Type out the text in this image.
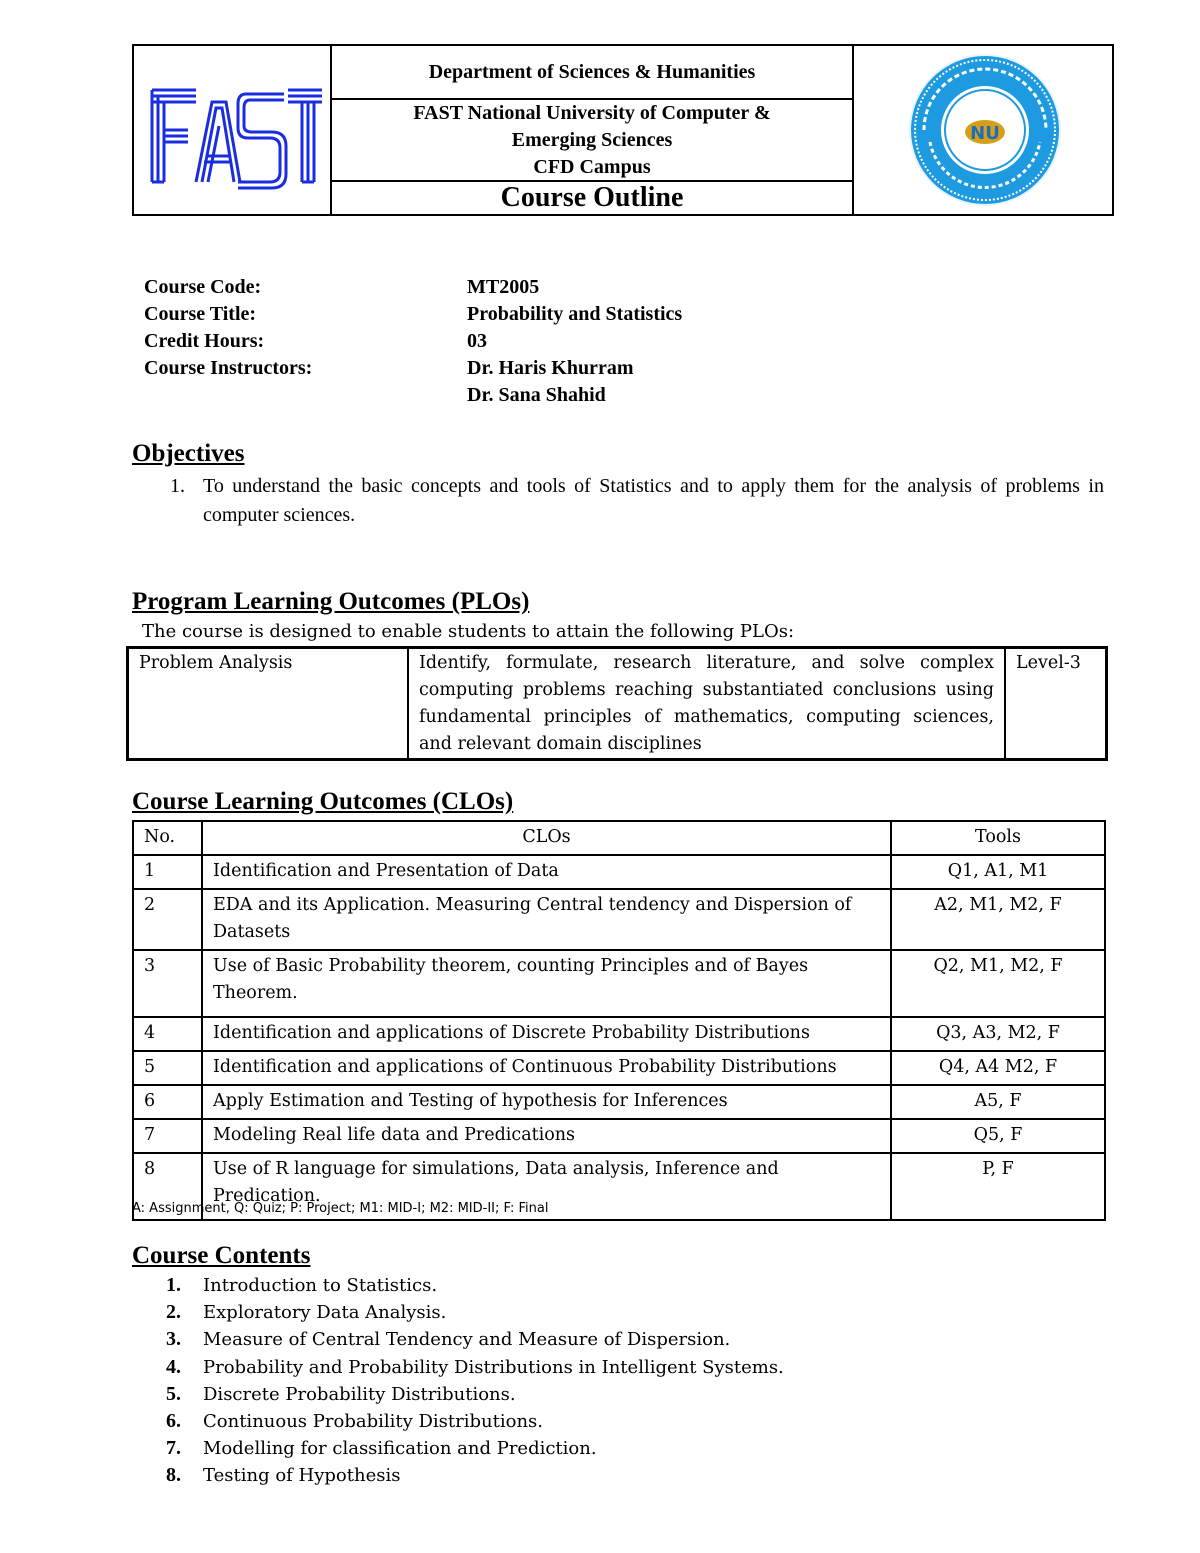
Department of Sciences & Humanities
FAST National University of Computer &
Emerging Sciences
CFD Campus
Course Outline
NU
Course Code:	MT2005
Course Title:	Probability and Statistics
Credit Hours:	03
Course Instructors:	Dr. Haris Khurram
Dr. Sana Shahid
Objectives
1. To understand the basic concepts and tools of Statistics and to apply them for the analysis of problems in computer sciences.
Program Learning Outcomes (PLOs)
The course is designed to enable students to attain the following PLOs:
Problem Analysis	Identify, formulate, research literature, and solve complex computing problems reaching substantiated conclusions using fundamental principles of mathematics, computing sciences, and relevant domain disciplines	Level-3
Course Learning Outcomes (CLOs)
No.	CLOs	Tools
1	Identification and Presentation of Data	Q1, A1, M1
2	EDA and its Application. Measuring Central tendency and Dispersion of Datasets	A2, M1, M2, F
3	Use of Basic Probability theorem, counting Principles and of Bayes Theorem.	Q2, M1, M2, F
4	Identification and applications of Discrete Probability Distributions	Q3, A3, M2, F
5	Identification and applications of Continuous Probability Distributions	Q4, A4 M2, F
6	Apply Estimation and Testing of hypothesis for Inferences	A5, F
7	Modeling Real life data and Predications	Q5, F
8	Use of R language for simulations, Data analysis, Inference and Predication.	P, F
A: Assignment, Q: Quiz; P: Project; M1: MID-I; M2: MID-II; F: Final
Course Contents
1.	Introduction to Statistics.
2.	Exploratory Data Analysis.
3.	Measure of Central Tendency and Measure of Dispersion.
4.	Probability and Probability Distributions in Intelligent Systems.
5.	Discrete Probability Distributions.
6.	Continuous Probability Distributions.
7.	Modelling for classification and Prediction.
8.	Testing of Hypothesis
